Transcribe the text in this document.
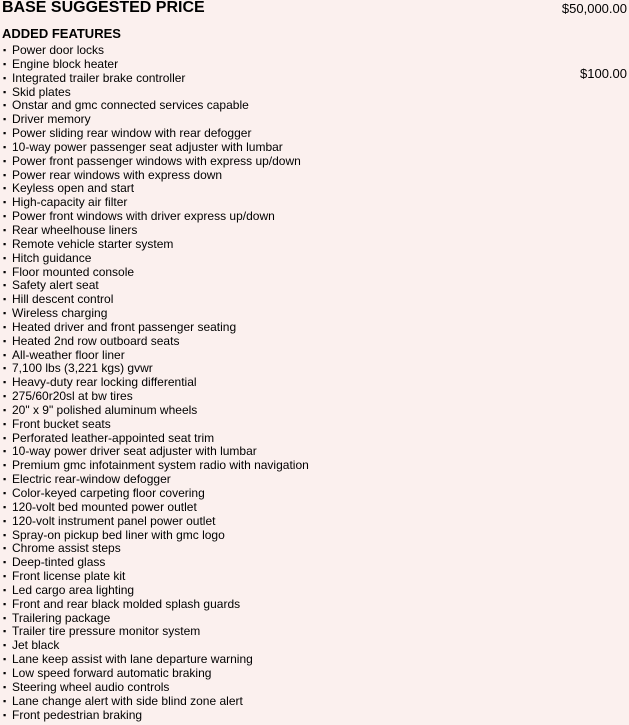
BASE SUGGESTED PRICE	$50,000.00
ADDED FEATURES
▪ Power door locks
▪ Engine block heater
$100.00
▪ Integrated trailer brake controller
▪ Skid plates
▪ Onstar and gmc connected services capable
▪ Driver memory
▪ Power sliding rear window with rear defogger
▪ 10-way power passenger seat adjuster with lumbar
▪ Power front passenger windows with express up/down
▪ Power rear windows with express down
▪ Keyless open and start
▪ High-capacity air filter
▪ Power front windows with driver express up/down
▪ Rear wheelhouse liners
▪ Remote vehicle starter system
▪ Hitch guidance
▪ Floor mounted console
▪ Safety alert seat
▪ Hill descent control
▪ Wireless charging
▪ Heated driver and front passenger seating
▪ Heated 2nd row outboard seats
▪ All-weather floor liner
▪ 7,100 lbs (3,221 kgs) gvwr
▪ Heavy-duty rear locking differential
▪ 275/60r20sl at bw tires
▪ 20" x 9" polished aluminum wheels
▪ Front bucket seats
▪ Perforated leather-appointed seat trim
▪ 10-way power driver seat adjuster with lumbar
▪ Premium gmc infotainment system radio with navigation
▪ Electric rear-window defogger
▪ Color-keyed carpeting floor covering
▪ 120-volt bed mounted power outlet
▪ 120-volt instrument panel power outlet
▪ Spray-on pickup bed liner with gmc logo
▪ Chrome assist steps
▪ Deep-tinted glass
▪ Front license plate kit
▪ Led cargo area lighting
▪ Front and rear black molded splash guards
▪ Trailering package
▪ Trailer tire pressure monitor system
▪ Jet black
▪ Lane keep assist with lane departure warning
▪ Low speed forward automatic braking
▪ Steering wheel audio controls
▪ Lane change alert with side blind zone alert
▪ Front pedestrian braking
